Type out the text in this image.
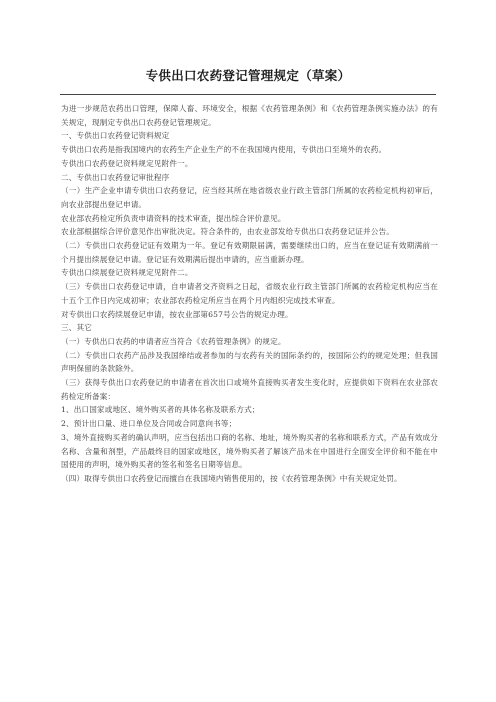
专供出口农药登记管理规定（草案）

为进一步规范农药出口管理，保障人畜、环境安全，根据《农药管理条例》和《农药管理条例实施办法》的有关规定，现制定专供出口农药登记管理规定。

一、专供出口农药登记资料规定

专供出口农药是指我国境内的农药生产企业生产的不在我国境内使用，专供出口至境外的农药。

专供出口农药登记资料规定见附件一。

二、专供出口农药登记审批程序

（一）生产企业申请专供出口农药登记，应当经其所在地省级农业行政主管部门所属的农药检定机构初审后，向农业部提出登记申请。

农业部农药检定所负责申请资料的技术审查，提出综合评价意见。

农业部根据综合评价意见作出审批决定。符合条件的，由农业部发给专供出口农药登记证并公告。

（二）专供出口农药登记证有效期为一年。登记有效期限届满，需要继续出口的，应当在登记证有效期满前一个月提出续展登记申请。登记证有效期满后提出申请的，应当重新办理。

专供出口续展登记资料规定见附件二。

（三）专供出口农药登记申请，自申请者交齐资料之日起，省级农业行政主管部门所属的农药检定机构应当在十五个工作日内完成初审；农业部农药检定所应当在两个月内组织完成技术审查。

对专供出口农药续展登记申请，按农业部第657号公告的规定办理。

三、其它

（一）专供出口农药的申请者应当符合《农药管理条例》的规定。

（二）专供出口农药产品涉及我国缔结或者参加的与农药有关的国际条约的，按国际公约的规定处理；但我国声明保留的条款除外。

（三）获得专供出口农药登记的申请者在首次出口或境外直接购买者发生变化时，应提供如下资料在农业部农药检定所备案：

1、出口国家或地区、境外购买者的具体名称及联系方式；

2、预计出口量、进口单位及合同或合同意向书等；

3、境外直接购买者的确认声明，应当包括出口商的名称、地址，境外购买者的名称和联系方式，产品有效成分名称、含量和剂型，产品最终目的国家或地区，境外购买者了解该产品未在中国进行全面安全评价和不能在中国使用的声明，境外购买者的签名和签名日期等信息。

（四）取得专供出口农药登记而擅自在我国境内销售使用的，按《农药管理条例》中有关规定处罚。
